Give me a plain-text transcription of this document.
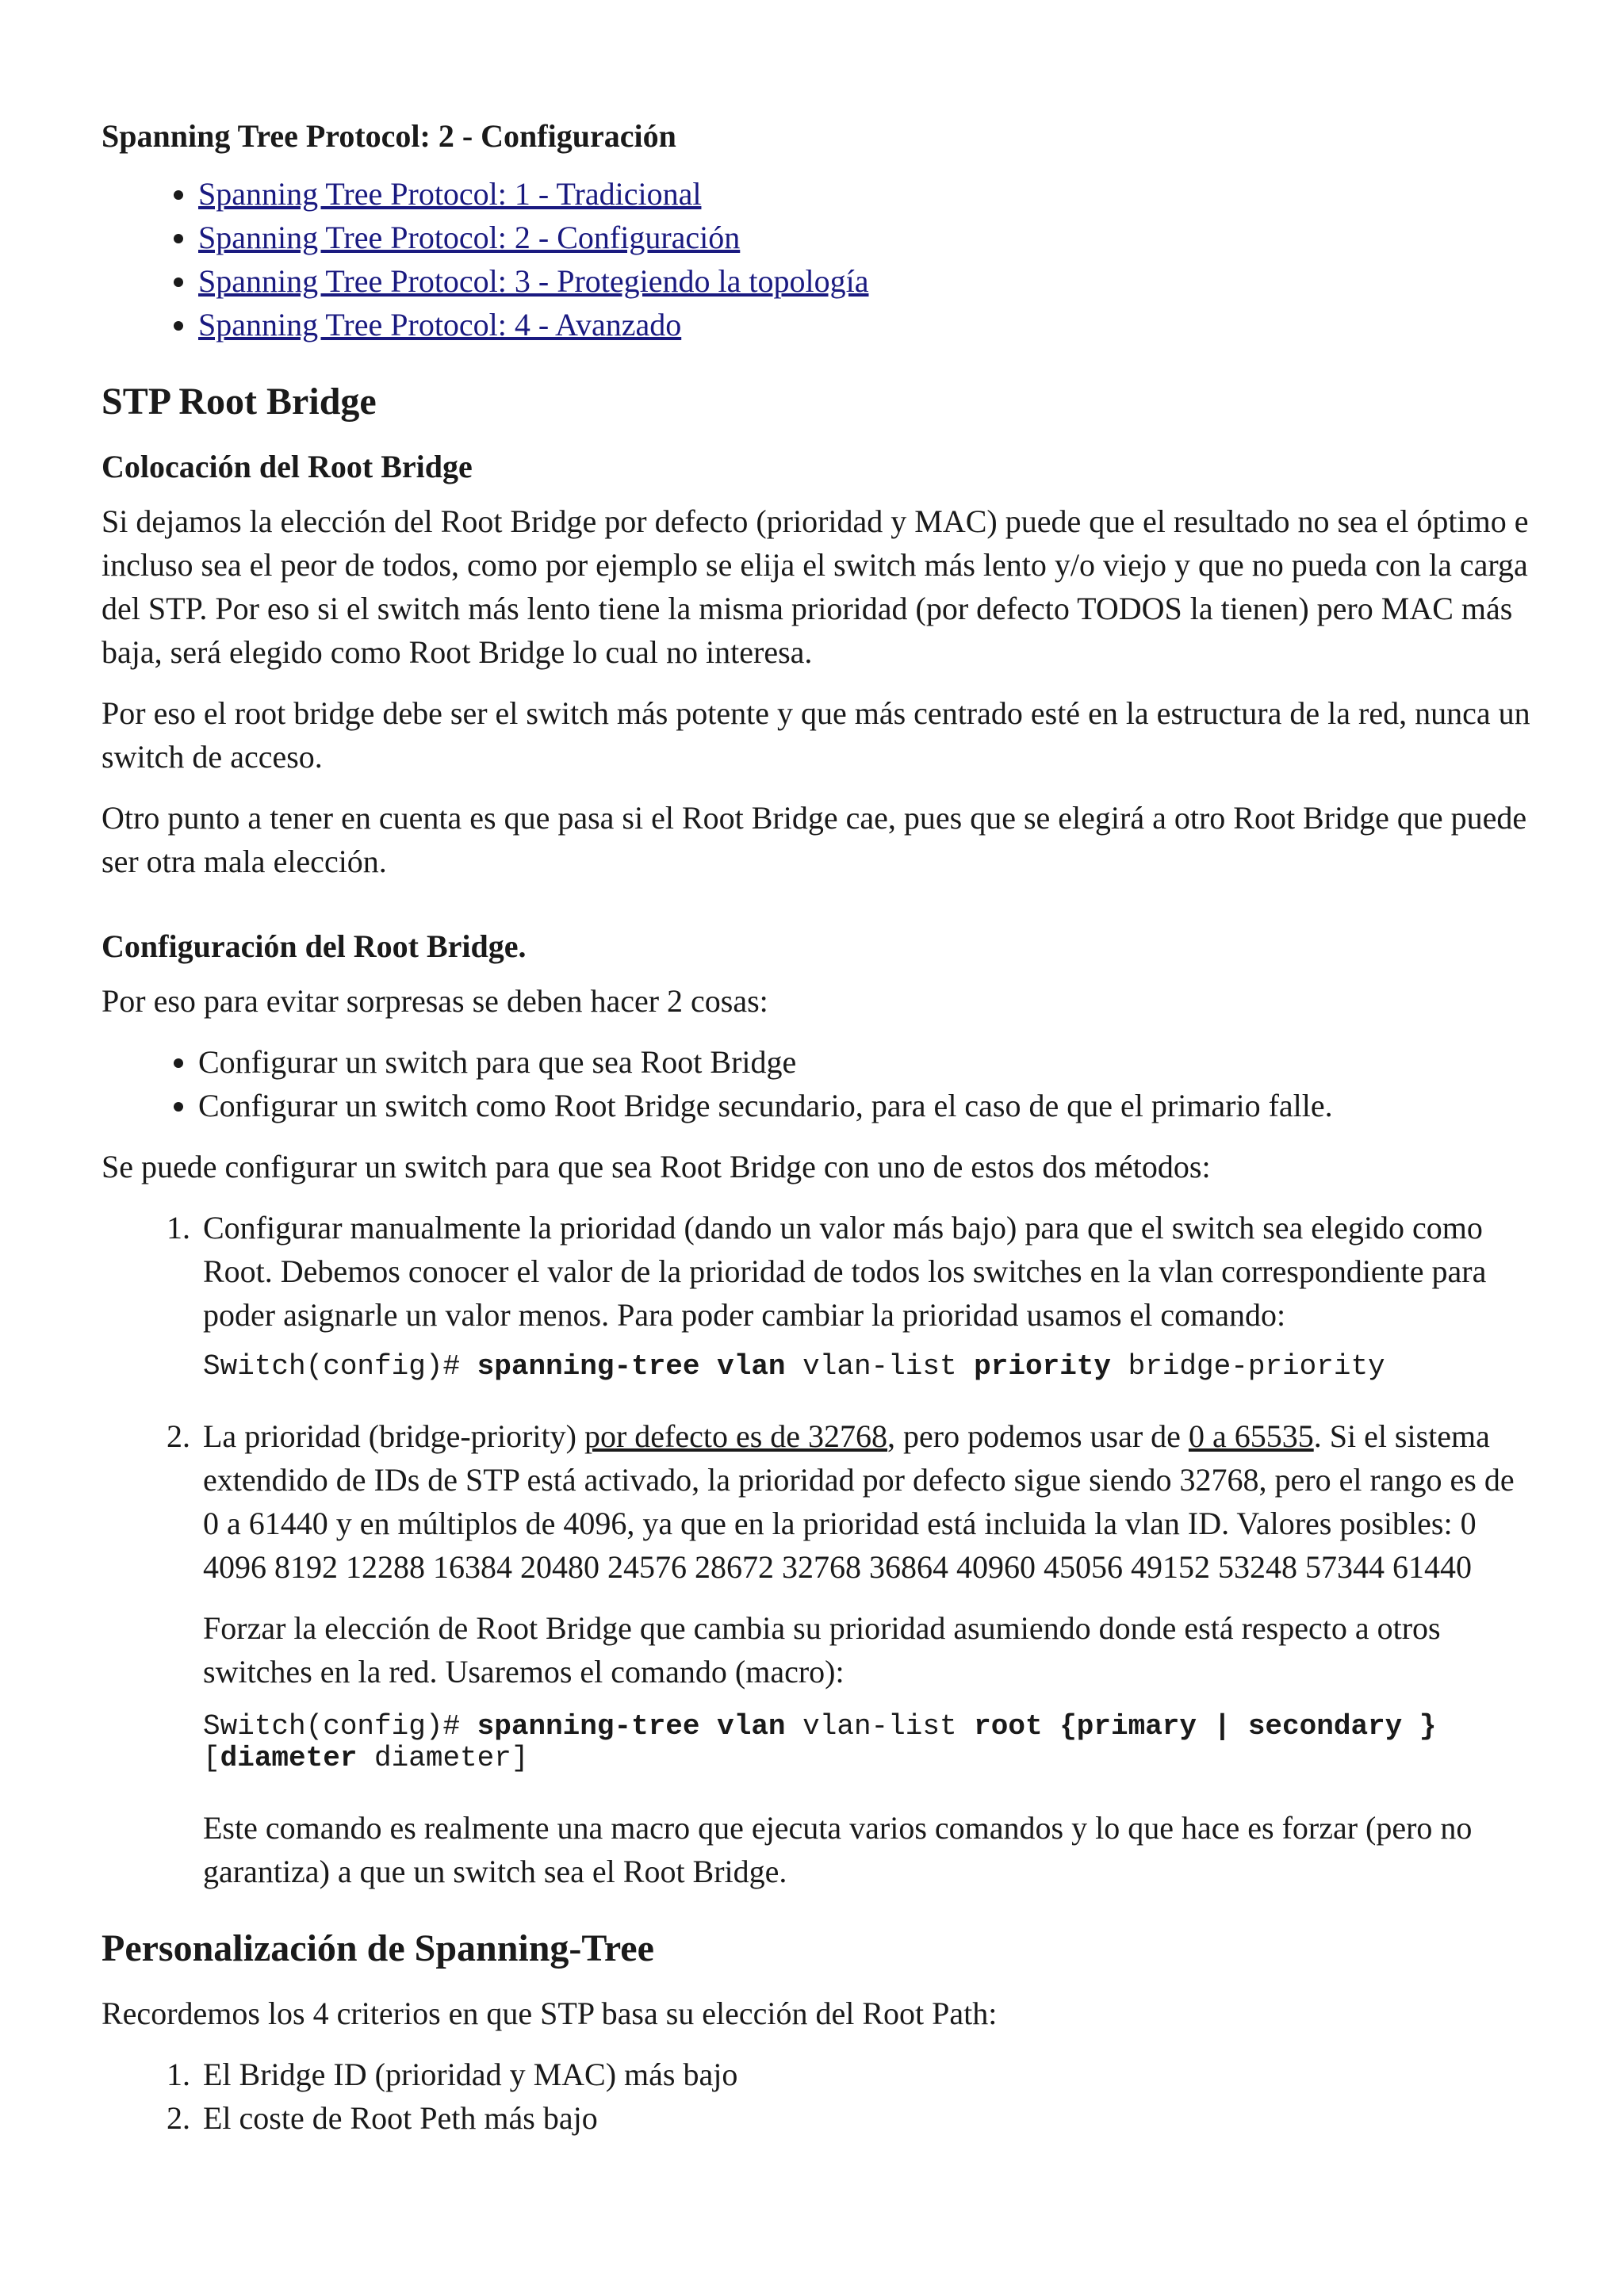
Spanning Tree Protocol: 2 - Configuración
• Spanning Tree Protocol: 1 - Tradicional
• Spanning Tree Protocol: 2 - Configuración
• Spanning Tree Protocol: 3 - Protegiendo la topología
• Spanning Tree Protocol: 4 - Avanzado
STP Root Bridge
Colocación del Root Bridge

Si dejamos la elección del Root Bridge por defecto (prioridad y MAC) puede que el resultado no sea el óptimo e incluso sea el peor de todos, como por ejemplo se elija el switch más lento y/o viejo y que no pueda con la carga del STP. Por eso si el switch más lento tiene la misma prioridad (por defecto TODOS la tienen) pero MAC más baja, será elegido como Root Bridge lo cual no interesa.

Por eso el root bridge debe ser el switch más potente y que más centrado esté en la estructura de la red, nunca un switch de acceso.

Otro punto a tener en cuenta es que pasa si el Root Bridge cae, pues que se elegirá a otro Root Bridge que puede ser otra mala elección.

Configuración del Root Bridge.

Por eso para evitar sorpresas se deben hacer 2 cosas:

• Configurar un switch para que sea Root Bridge
• Configurar un switch como Root Bridge secundario, para el caso de que el primario falle.

Se puede configurar un switch para que sea Root Bridge con uno de estos dos métodos:

1. Configurar manualmente la prioridad (dando un valor más bajo) para que el switch sea elegido como Root. Debemos conocer el valor de la prioridad de todos los switches en la vlan correspondiente para poder asignarle un valor menos. Para poder cambiar la prioridad usamos el comando:
Switch(config)# spanning-tree vlan vlan-list priority bridge-priority

2. La prioridad (bridge-priority) por defecto es de 32768, pero podemos usar de 0 a 65535. Si el sistema extendido de IDs de STP está activado, la prioridad por defecto sigue siendo 32768, pero el rango es de 0 a 61440 y en múltiplos de 4096, ya que en la prioridad está incluida la vlan ID. Valores posibles: 0 4096 8192 12288 16384 20480 24576 28672 32768 36864 40960 45056 49152 53248 57344 61440

Forzar la elección de Root Bridge que cambia su prioridad asumiendo donde está respecto a otros switches en la red. Usaremos el comando (macro):

Switch(config)# spanning-tree vlan vlan-list root {primary | secondary }
[diameter diameter]

Este comando es realmente una macro que ejecuta varios comandos y lo que hace es forzar (pero no garantiza) a que un switch sea el Root Bridge.

Personalización de Spanning-Tree

Recordemos los 4 criterios en que STP basa su elección del Root Path:

1. El Bridge ID (prioridad y MAC) más bajo
2. El coste de Root Peth más bajo
